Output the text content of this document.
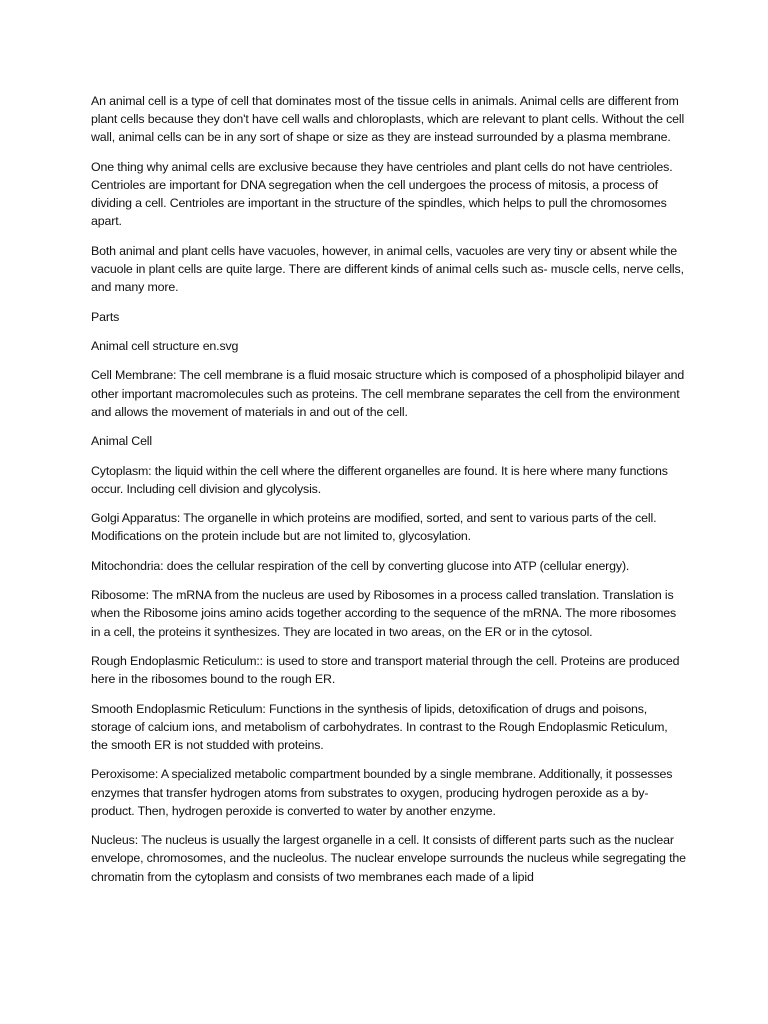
An animal cell is a type of cell that dominates most of the tissue cells in animals. Animal cells are different from plant cells because they don't have cell walls and chloroplasts, which are relevant to plant cells. Without the cell wall, animal cells can be in any sort of shape or size as they are instead surrounded by a plasma membrane.

One thing why animal cells are exclusive because they have centrioles and plant cells do not have centrioles. Centrioles are important for DNA segregation when the cell undergoes the process of mitosis, a process of dividing a cell. Centrioles are important in the structure of the spindles, which helps to pull the chromosomes apart.

Both animal and plant cells have vacuoles, however, in animal cells, vacuoles are very tiny or absent while the vacuole in plant cells are quite large. There are different kinds of animal cells such as- muscle cells, nerve cells, and many more.

Parts

Animal cell structure en.svg

Cell Membrane: The cell membrane is a fluid mosaic structure which is composed of a phospholipid bilayer and other important macromolecules such as proteins. The cell membrane separates the cell from the environment and allows the movement of materials in and out of the cell.

Animal Cell

Cytoplasm: the liquid within the cell where the different organelles are found. It is here where many functions occur. Including cell division and glycolysis.

Golgi Apparatus: The organelle in which proteins are modified, sorted, and sent to various parts of the cell. Modifications on the protein include but are not limited to, glycosylation.

Mitochondria: does the cellular respiration of the cell by converting glucose into ATP (cellular energy).

Ribosome: The mRNA from the nucleus are used by Ribosomes in a process called translation. Translation is when the Ribosome joins amino acids together according to the sequence of the mRNA. The more ribosomes in a cell, the proteins it synthesizes. They are located in two areas, on the ER or in the cytosol.

Rough Endoplasmic Reticulum:: is used to store and transport material through the cell. Proteins are produced here in the ribosomes bound to the rough ER.

Smooth Endoplasmic Reticulum: Functions in the synthesis of lipids, detoxification of drugs and poisons, storage of calcium ions, and metabolism of carbohydrates. In contrast to the Rough Endoplasmic Reticulum, the smooth ER is not studded with proteins.

Peroxisome: A specialized metabolic compartment bounded by a single membrane. Additionally, it possesses enzymes that transfer hydrogen atoms from substrates to oxygen, producing hydrogen peroxide as a by-product. Then, hydrogen peroxide is converted to water by another enzyme.

Nucleus: The nucleus is usually the largest organelle in a cell. It consists of different parts such as the nuclear envelope, chromosomes, and the nucleolus. The nuclear envelope surrounds the nucleus while segregating the chromatin from the cytoplasm and consists of two membranes each made of a lipid
